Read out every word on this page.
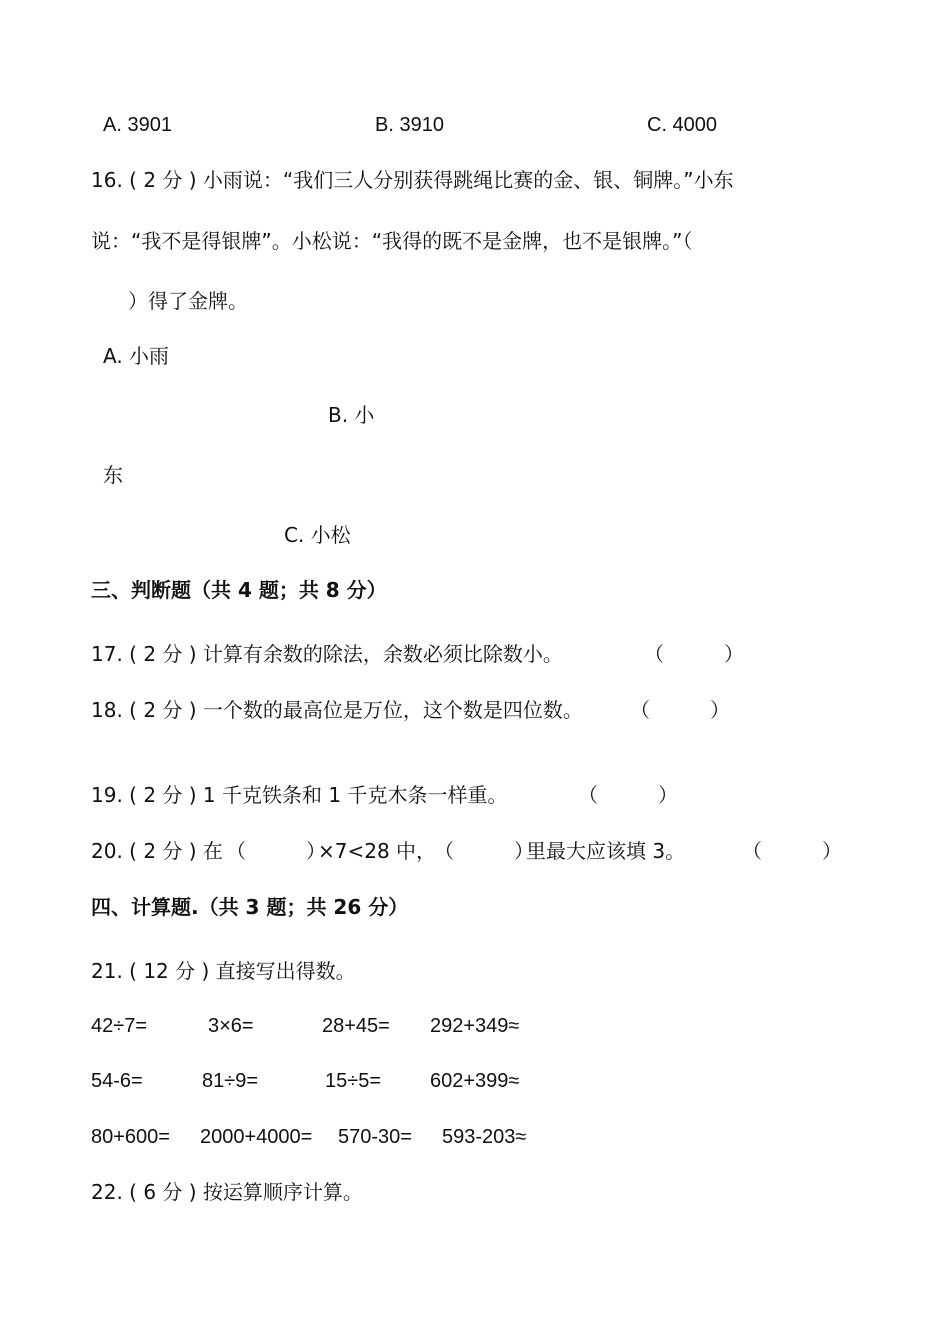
A. 3901	B. 3910	C. 4000
16. ( 2 分 ) 小雨说：“我们三人分别获得跳绳比赛的金、银、铜牌。”小东
说：“我不是得银牌”。小松说：“我得的既不是金牌，也不是银牌。”（
）得了金牌。
A. 小雨
B. 小
东
C. 小松
三、判断题（共 4 题；共 8 分）
17. ( 2 分 ) 计算有余数的除法，余数必须比除数小。	（　　　）
18. ( 2 分 ) 一个数的最高位是万位，这个数是四位数。 （　　　）
19. ( 2 分 ) 1 千克铁条和 1 千克木条一样重。	（　　　）
20. ( 2 分 ) 在 （　　　）
×7<28 中，
（　　　）
里最大应该填 3。	（　　　）
四、计算题.（共 3 题；共 26 分）
21. ( 12 分 ) 直接写出得数。
42÷7=	3×6=	28+45= 292+349≈
54-6=	81÷9=	15÷5= 602+399≈
80+600= 2000+4000= 570-30= 593-203≈
22. ( 6 分 ) 按运算顺序计算。
